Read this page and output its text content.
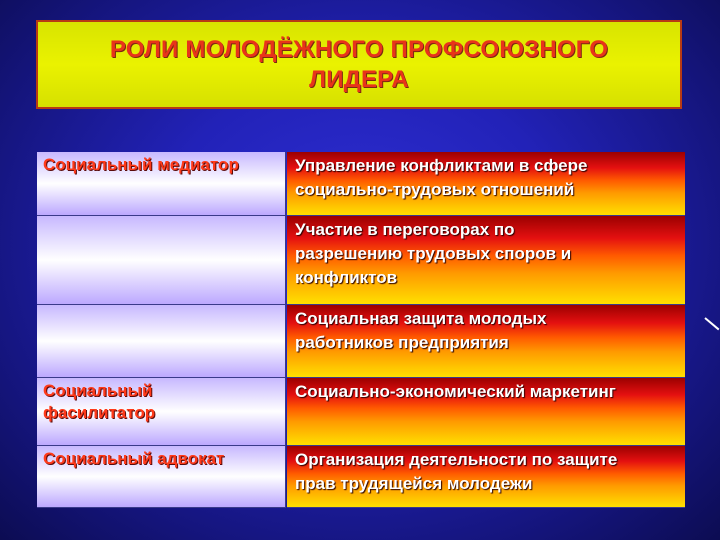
РОЛИ МОЛОДЁЖНОГО ПРОФСОЮЗНОГО
ЛИДЕРА
Социальный медиатор	Управление конфликтами в сфере
социально-трудовых отношений
Участие в переговорах по
разрешению трудовых споров и
конфликтов
Социальная защита молодых
работников предприятия
Социальный
фасилитатор
Социально-экономический маркетинг
Социальный адвокат	Организация деятельности по защите
прав трудящейся молодежи
